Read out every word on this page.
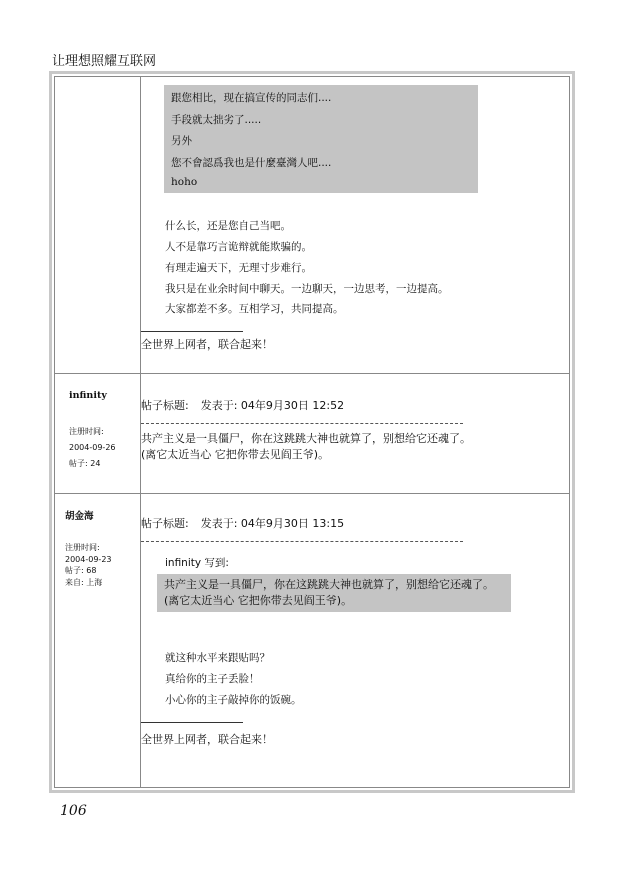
让理想照耀互联网
跟您相比，现在搞宣传的同志们....
手段就太拙劣了.....
另外
您不會認爲我也是什麼臺灣人吧....
hoho
什么长，还是您自己当吧。
人不是靠巧言诡辩就能欺骗的。
有理走遍天下，无理寸步难行。
我只是在业余时间中聊天。一边聊天，一边思考，一边提高。
大家都差不多。互相学习，共同提高。
全世界上网者，联合起来！
infinity
注册时间:
2004-09-26
帖子: 24
帖子标题: 发表于: 04年9月30日 12:52
共产主义是一具僵尸，你在这跳跳大神也就算了，别想给它还魂了。(离它太近当心 它把你带去见阎王爷)。
胡金海
注册时间:
2004-09-23
帖子: 68
来自: 上海
帖子标题: 发表于: 04年9月30日 13:15
infinity 写到:
共产主义是一具僵尸，你在这跳跳大神也就算了，别想给它还魂了。(离它太近当心 它把你带去见阎王爷)。
就这种水平来跟贴吗？
真给你的主子丢脸！
小心你的主子敲掉你的饭碗。
全世界上网者，联合起来！
106
